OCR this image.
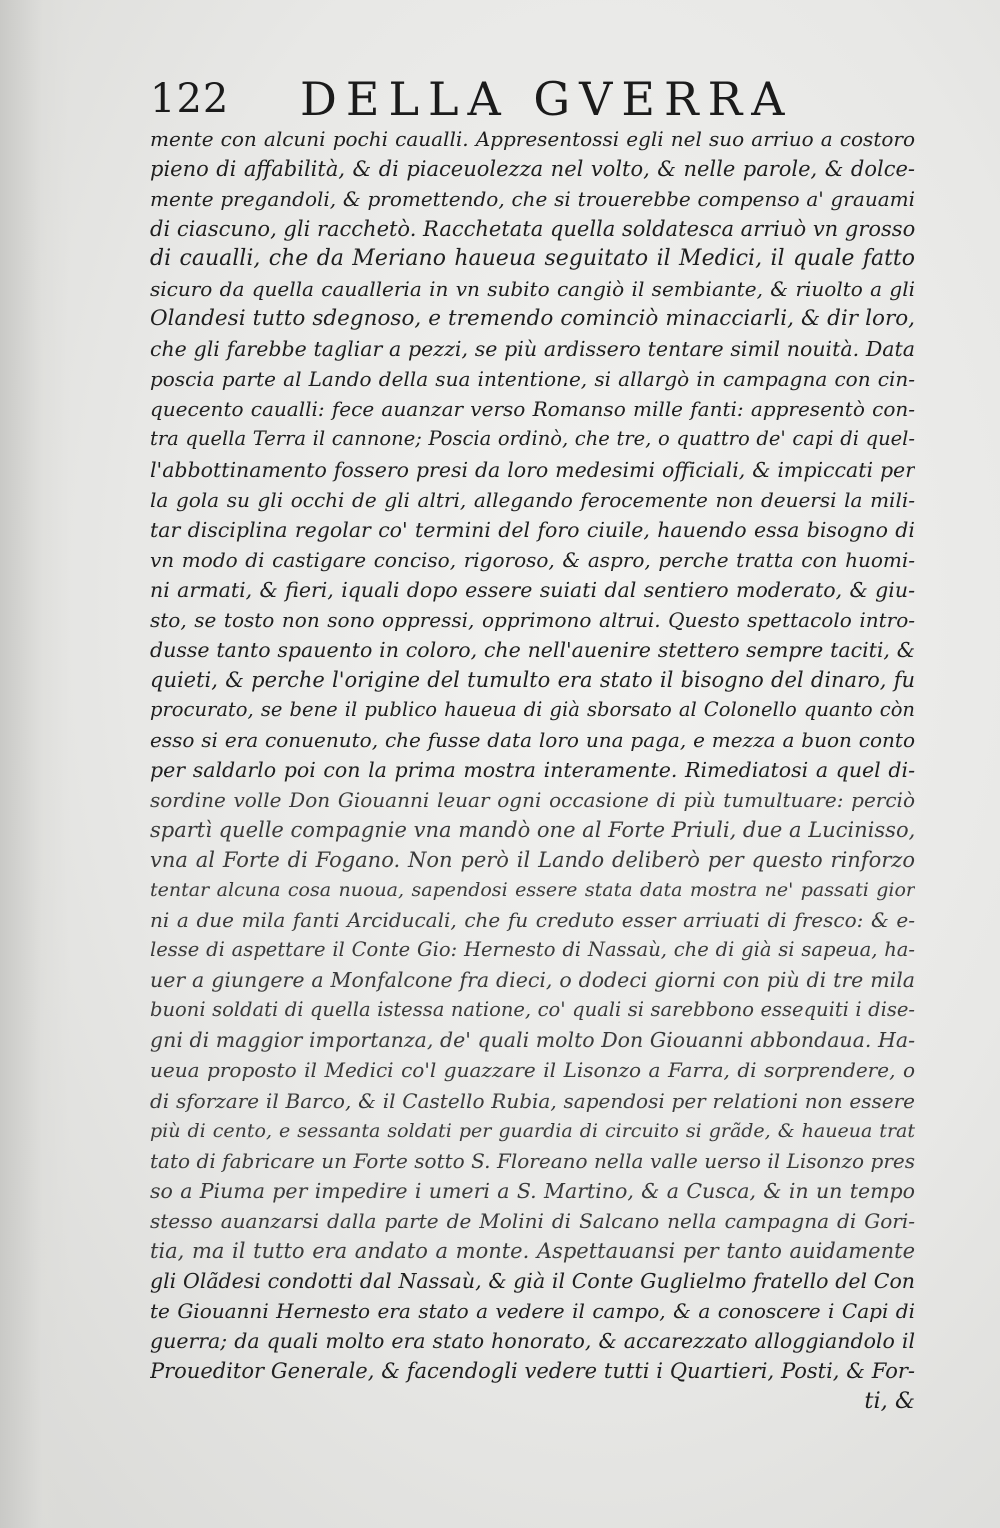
122 DELLA GVERRA
mente con alcuni pochi caualli. Appresentossi egli nel suo arriuo a costoro
pieno di affabilità, & di piaceuolezza nel volto, & nelle parole, & dolce-
mente pregandoli, & promettendo, che si trouerebbe compenso a' grauami
di ciascuno, gli racchetò. Racchetata quella soldatesca arriuò vn grosso
di caualli, che da Meriano haueua seguitato il Medici, il quale fatto
sicuro da quella caualleria in vn subito cangiò il sembiante, & riuolto a gli
Olandesi tutto sdegnoso, e tremendo cominciò minacciarli, & dir loro,
che gli farebbe tagliar a pezzi, se più ardissero tentare simil nouità. Data
poscia parte al Lando della sua intentione, si allargò in campagna con cin-
quecento caualli: fece auanzar verso Romanso mille fanti: appresentò con-
tra quella Terra il cannone; Poscia ordinò, che tre, o quattro de' capi di quel-
l'abbottinamento fossero presi da loro medesimi officiali, & impiccati per
la gola su gli occhi de gli altri, allegando ferocemente non deuersi la mili-
tar disciplina regolar co' termini del foro ciuile, hauendo essa bisogno di
vn modo di castigare conciso, rigoroso, & aspro, perche tratta con huomi-
ni armati, & fieri, iquali dopo essere suiati dal sentiero moderato, & giu-
sto, se tosto non sono oppressi, opprimono altrui. Questo spettacolo intro-
dusse tanto spauento in coloro, che nell'auenire stettero sempre taciti, &
quieti, & perche l'origine del tumulto era stato il bisogno del dinaro, fu
procurato, se bene il publico haueua di già sborsato al Colonello quanto còn
esso si era conuenuto, che fusse data loro una paga, e mezza a buon conto
per saldarlo poi con la prima mostra interamente. Rimediatosi a quel di-
sordine volle Don Giouanni leuar ogni occasione di più tumultuare: perciò
spartì quelle compagnie vna mandò one al Forte Priuli, due a Lucinisso,
vna al Forte di Fogano. Non però il Lando deliberò per questo rinforzo
tentar alcuna cosa nuoua, sapendosi essere stata data mostra ne' passati gior
ni a due mila fanti Arciducali, che fu creduto esser arriuati di fresco: & e-
lesse di aspettare il Conte Gio: Hernesto di Nassaù, che di già si sapeua, ha-
uer a giungere a Monfalcone fra dieci, o dodeci giorni con più di tre mila
buoni soldati di quella istessa natione, co' quali si sarebbono essequiti i dise-
gni di maggior importanza, de' quali molto Don Giouanni abbondaua. Ha-
ueua proposto il Medici co'l guazzare il Lisonzo a Farra, di sorprendere, o
di sforzare il Barco, & il Castello Rubia, sapendosi per relationi non essere
più di cento, e sessanta soldati per guardia di circuito si grãde, & haueua trat
tato di fabricare un Forte sotto S. Floreano nella valle uerso il Lisonzo pres
so a Piuma per impedire i umeri a S. Martino, & a Cusca, & in un tempo
stesso auanzarsi dalla parte de Molini di Salcano nella campagna di Gori-
tia, ma il tutto era andato a monte. Aspettauansi per tanto auidamente
gli Olãdesi condotti dal Nassaù, & già il Conte Guglielmo fratello del Con
te Giouanni Hernesto era stato a vedere il campo, & a conoscere i Capi di
guerra; da quali molto era stato honorato, & accarezzato alloggiandolo il
Proueditor Generale, & facendogli vedere tutti i Quartieri, Posti, & For-
ti, &
